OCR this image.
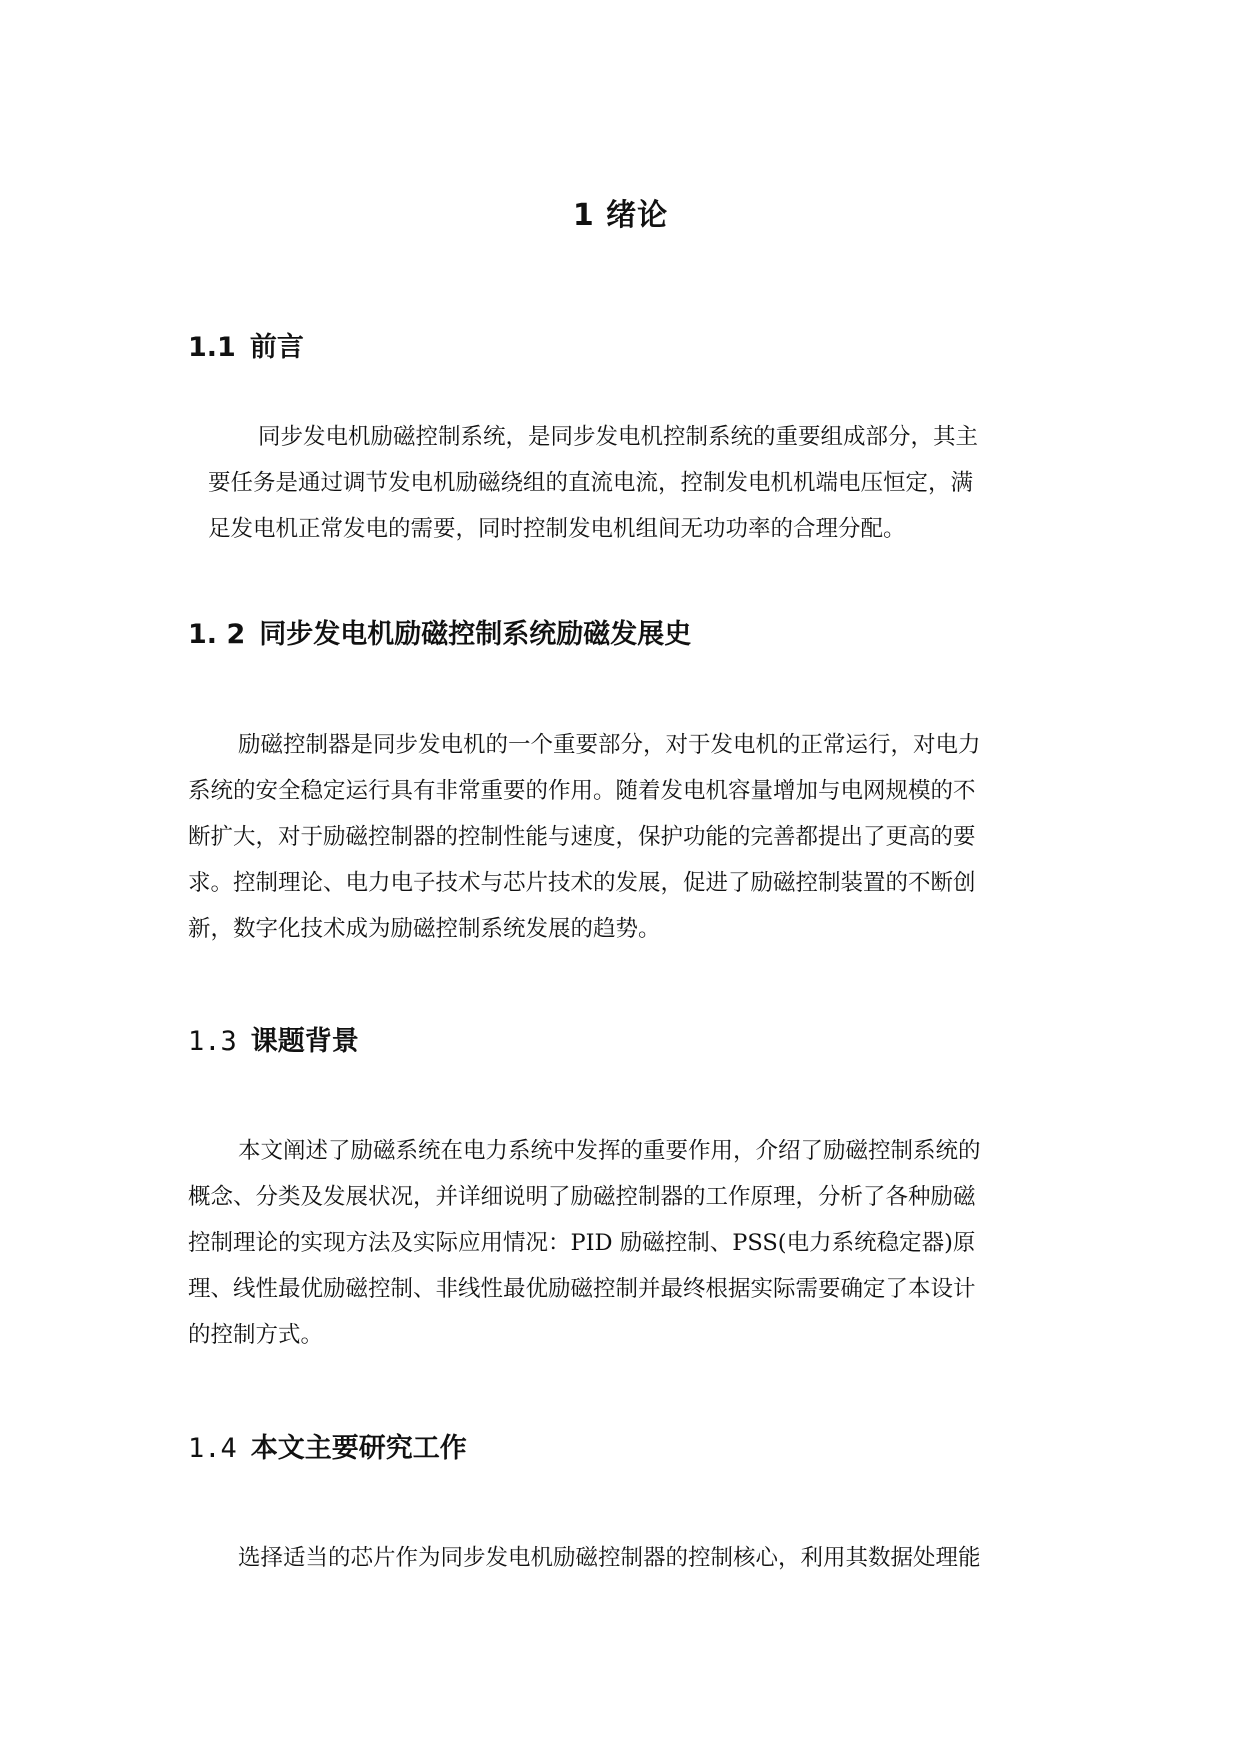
1 绪论
1.1 前言
同步发电机励磁控制系统，是同步发电机控制系统的重要组成部分，其主
要任务是通过调节发电机励磁绕组的直流电流，控制发电机机端电压恒定，满
足发电机正常发电的需要，同时控制发电机组间无功功率的合理分配。
1. 2 同步发电机励磁控制系统励磁发展史
励磁控制器是同步发电机的一个重要部分，对于发电机的正常运行，对电力
系统的安全稳定运行具有非常重要的作用。随着发电机容量增加与电网规模的不
断扩大，对于励磁控制器的控制性能与速度，保护功能的完善都提出了更高的要
求。控制理论、电力电子技术与芯片技术的发展，促进了励磁控制装置的不断创
新，数字化技术成为励磁控制系统发展的趋势。
1.3 课题背景
本文阐述了励磁系统在电力系统中发挥的重要作用，介绍了励磁控制系统的
概念、分类及发展状况，并详细说明了励磁控制器的工作原理，分析了各种励磁
控制理论的实现方法及实际应用情况：PID 励磁控制、PSS(电力系统稳定器)原
理、线性最优励磁控制、非线性最优励磁控制并最终根据实际需要确定了本设计
的控制方式。
1.4 本文主要研究工作
选择适当的芯片作为同步发电机励磁控制器的控制核心，利用其数据处理能
